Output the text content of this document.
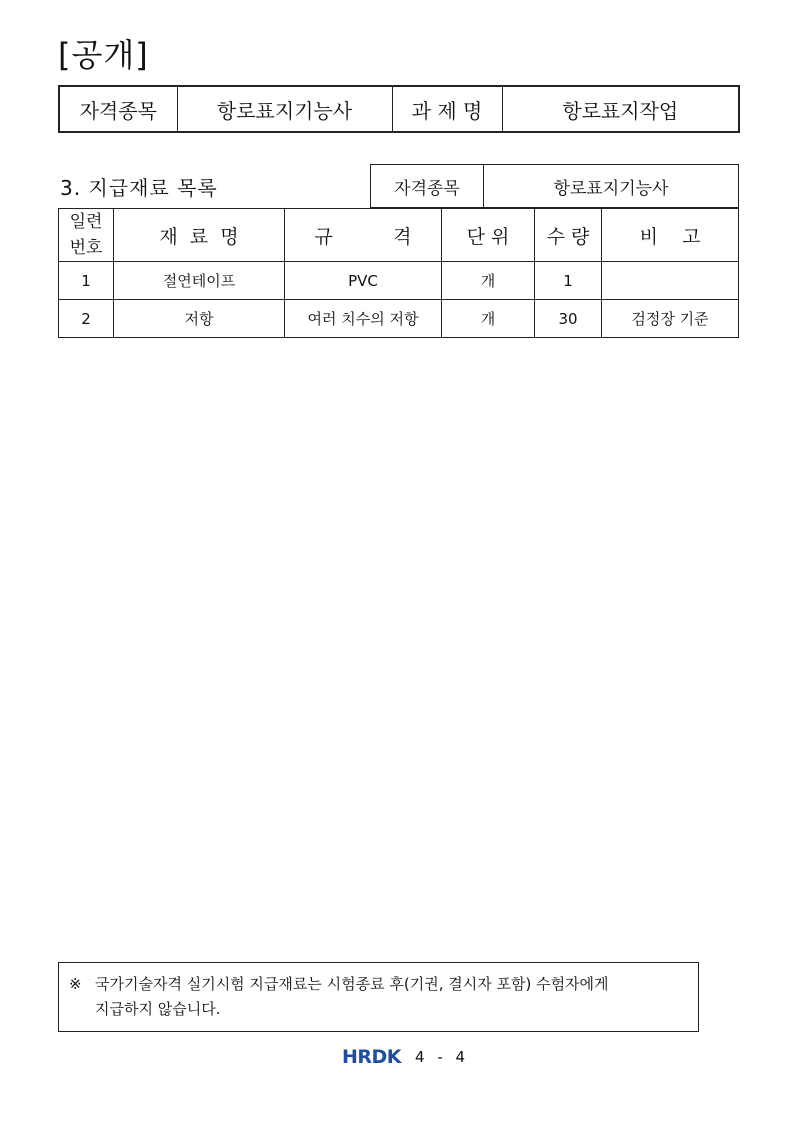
[공개]
자격종목	항로표지기능사	과 제 명	항로표지작업
3. 지급재료 목록	자격종목	항로표지기능사
일련
번호	재  료  명	규          격	단 위	수 량	비    고
1	절연테이프	PVC	개	1	
2	저항	여러 치수의 저항	개	30	검정장 기준
※ 국가기술자격 실기시험 지급재료는 시험종료 후(기권, 결시자 포함) 수험자에게
지급하지 않습니다.
HRDK 4 - 4
